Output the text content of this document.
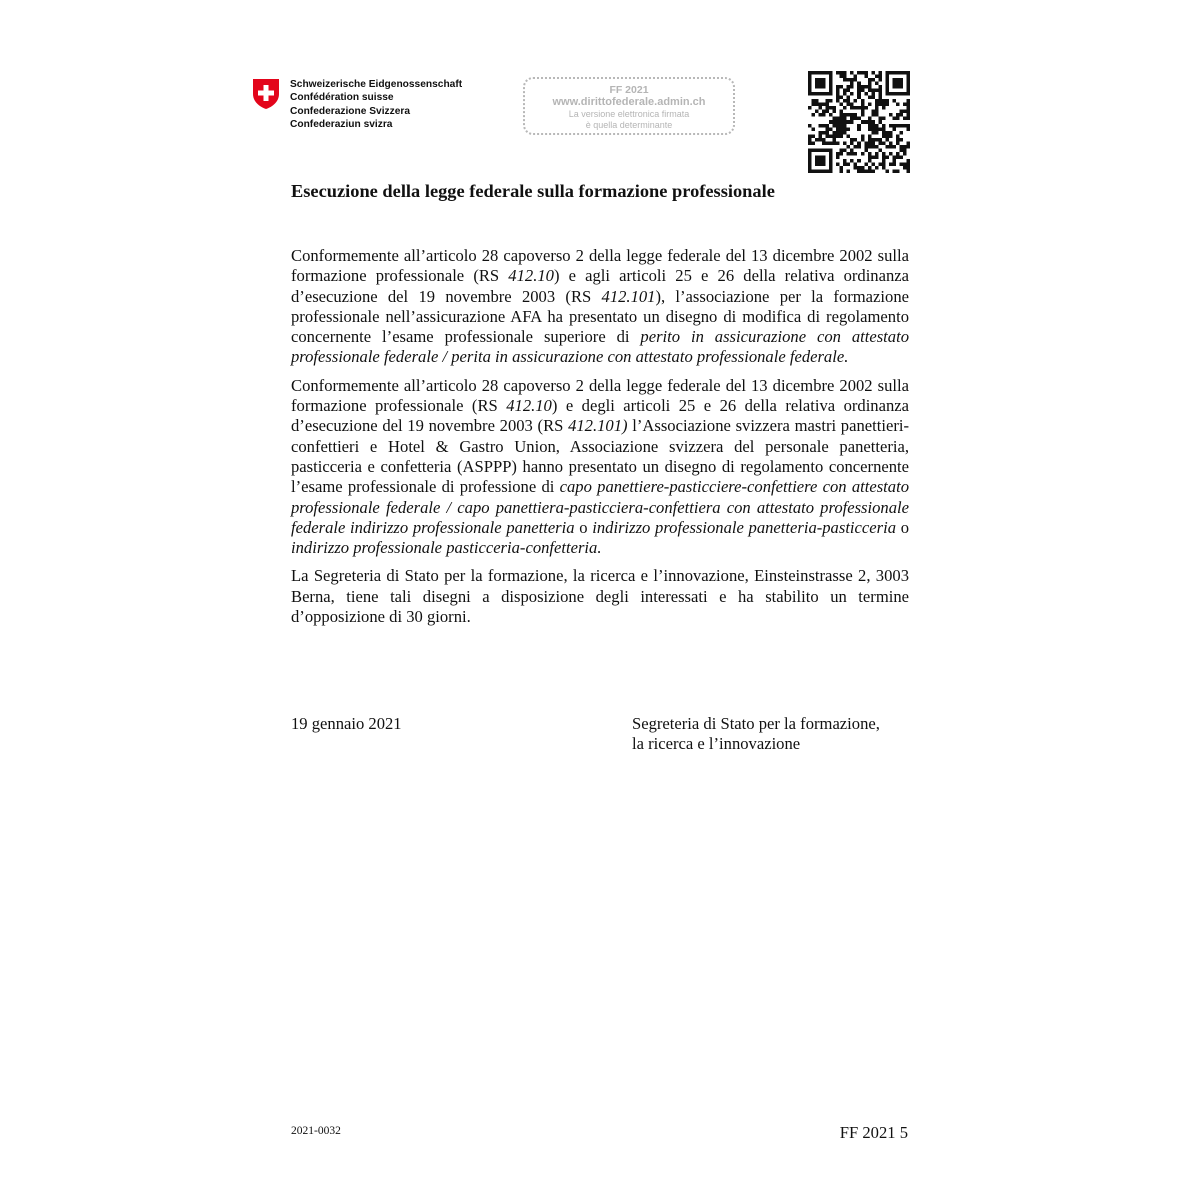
Schweizerische Eidgenossenschaft
Confédération suisse
Confederazione Svizzera
Confederaziun svizra
FF 2021
www.dirittofederale.admin.ch
La versione elettronica firmata
è quella determinante
Esecuzione della legge federale sulla formazione professionale

Conformemente all’articolo 28 capoverso 2 della legge federale del 13 dicembre 2002 sulla formazione professionale (RS 412.10) e agli articoli 25 e 26 della relativa ordinanza d’esecuzione del 19 novembre 2003 (RS 412.101), l’associazione per la formazione professionale nell’assicurazione AFA ha presentato un disegno di modifica di regolamento concernente l’esame professionale superiore di perito in assicurazione con attestato professionale federale / perita in assicurazione con attestato professionale federale.

Conformemente all’articolo 28 capoverso 2 della legge federale del 13 dicembre 2002 sulla formazione professionale (RS 412.10) e degli articoli 25 e 26 della relativa ordinanza d’esecuzione del 19 novembre 2003 (RS 412.101) l’Associazione svizzera mastri panettieri-confettieri e Hotel & Gastro Union, Associazione svizzera del personale panetteria, pasticceria e confetteria (ASPPP) hanno presentato un disegno di regolamento concernente l’esame professionale di professione di capo panettiere-pasticciere-confettiere con attestato professionale federale / capo panettiera-pasticciera-confettiera con attestato professionale federale indirizzo professionale panetteria o indirizzo professionale panetteria-pasticceria o indirizzo professionale pasticceria-confetteria.

La Segreteria di Stato per la formazione, la ricerca e l’innovazione, Einsteinstrasse 2, 3003 Berna, tiene tali disegni a disposizione degli interessati e ha stabilito un termine d’opposizione di 30 giorni.

19 gennaio 2021	Segreteria di Stato per la formazione,
la ricerca e l’innovazione
2021-0032	FF 2021 5
